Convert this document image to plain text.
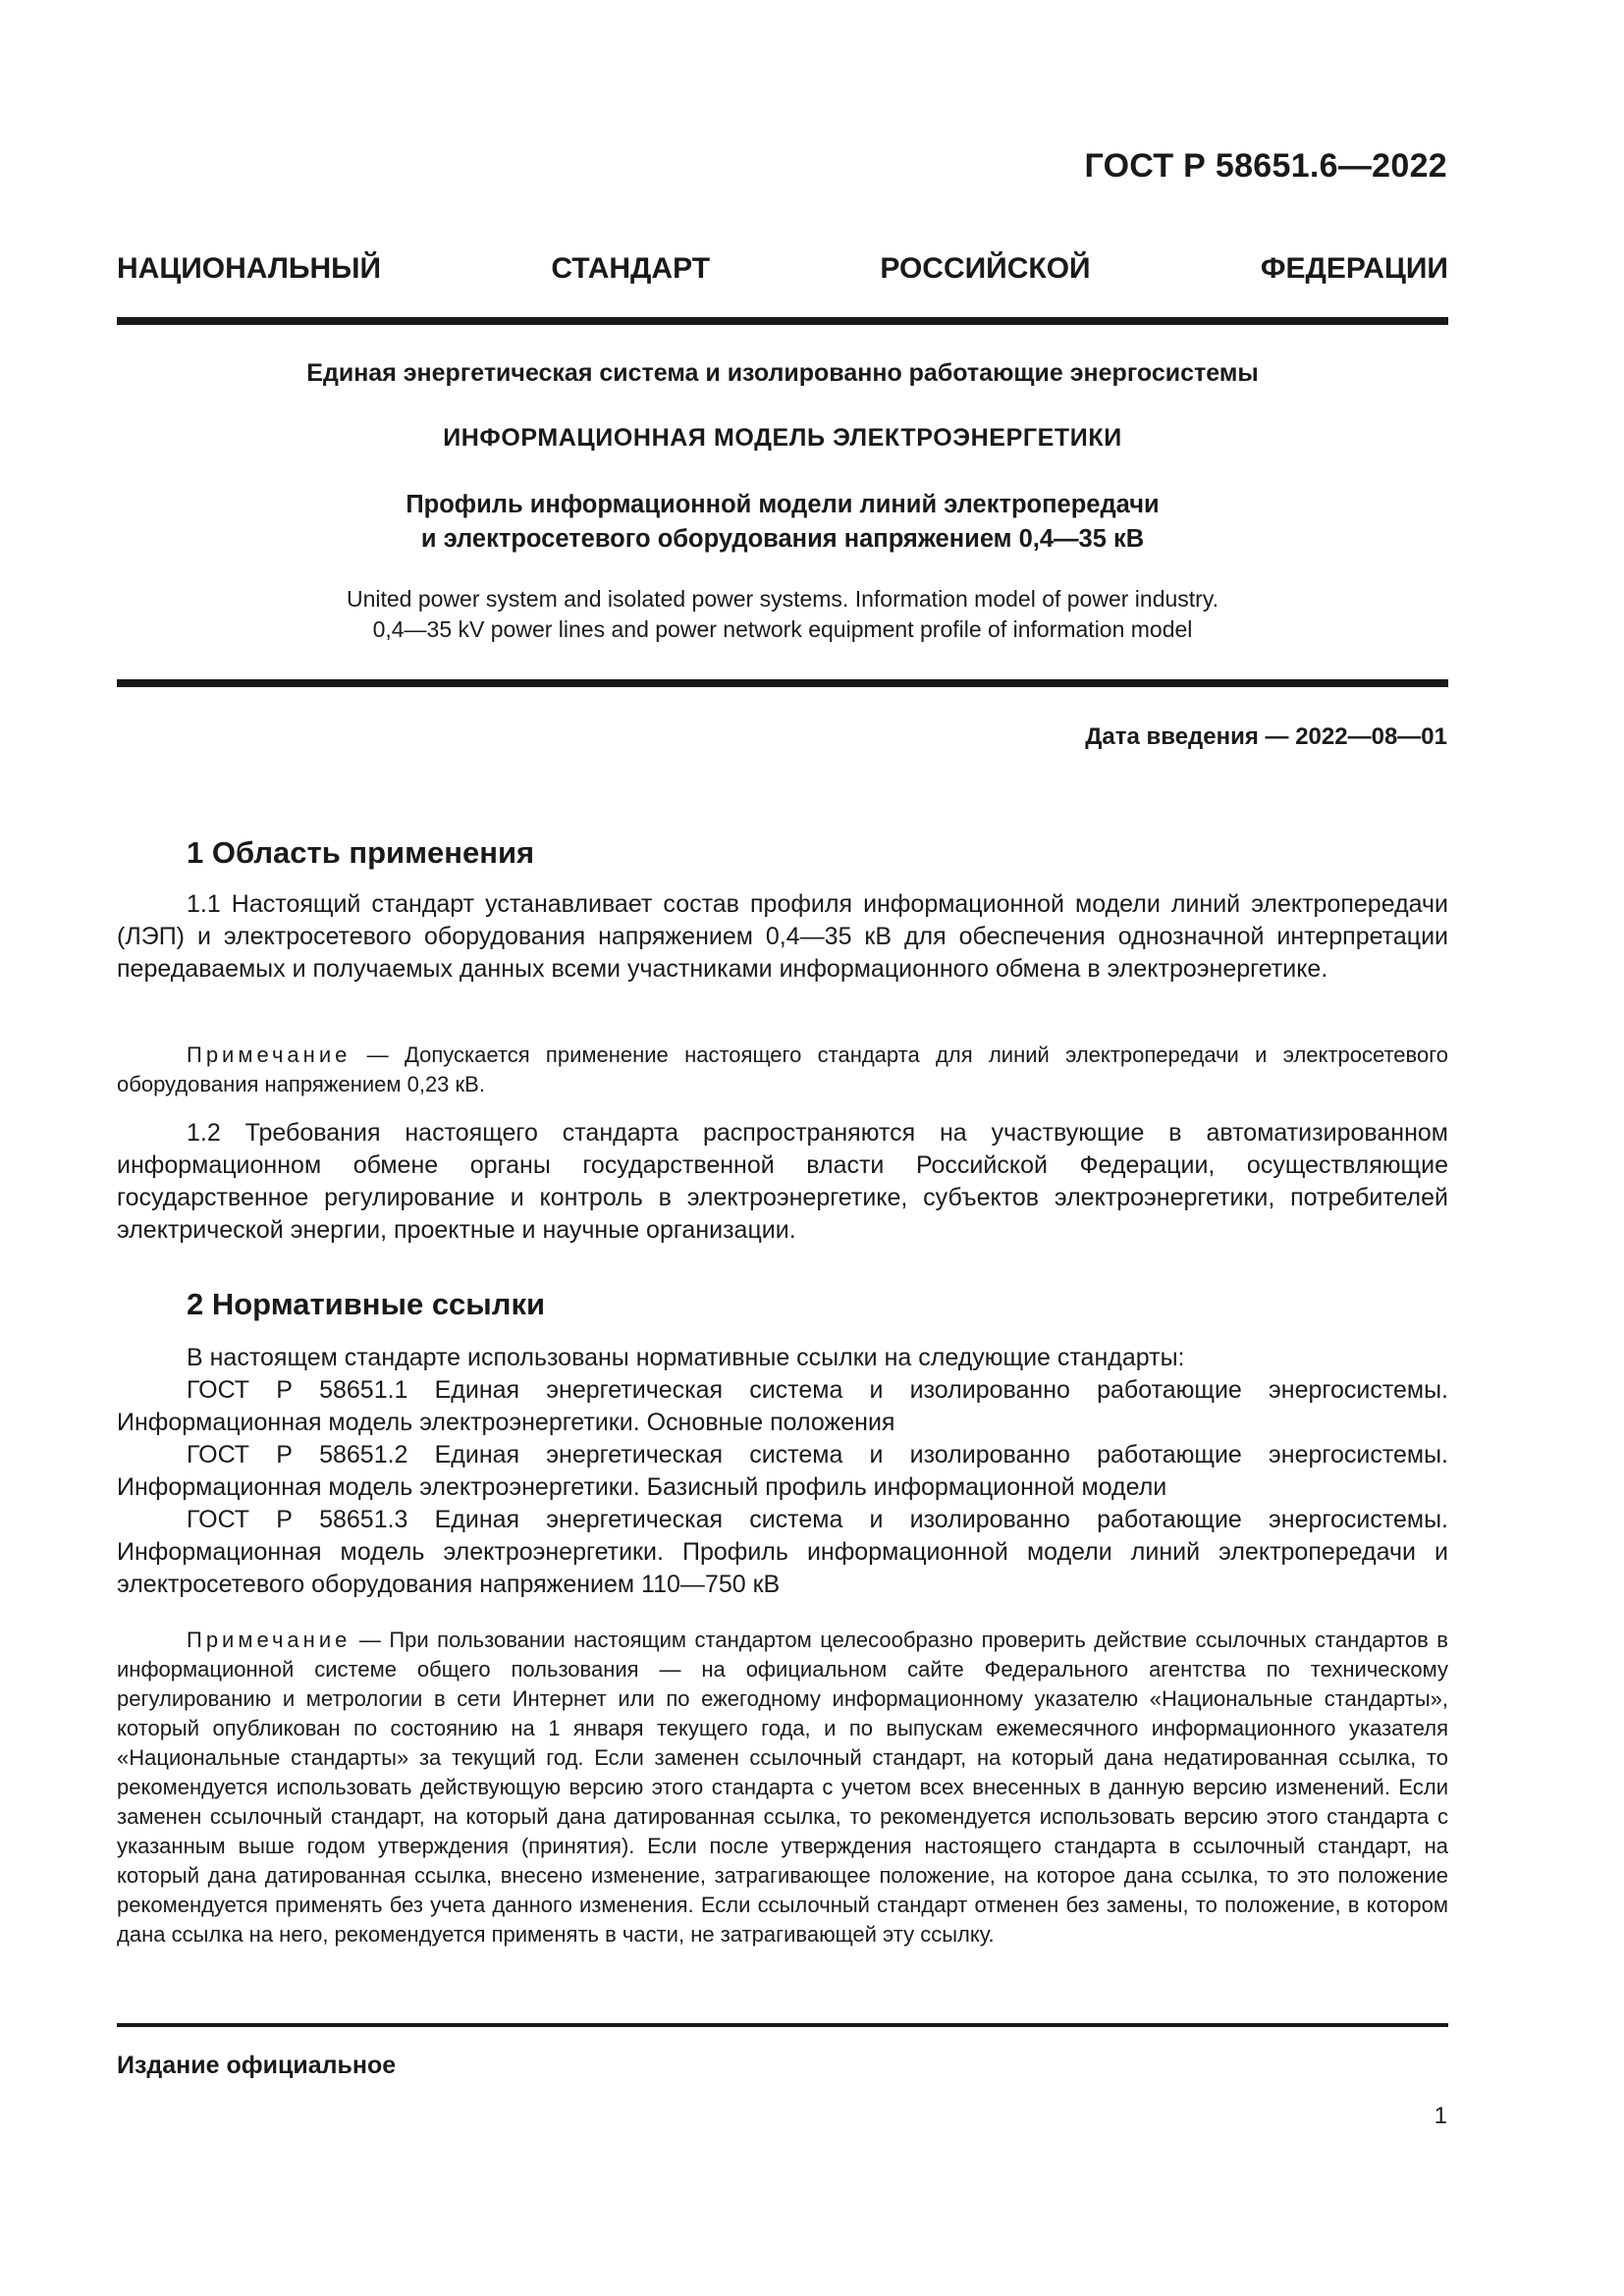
ГОСТ Р 58651.6—2022
НАЦИОНАЛЬНЫЙ СТАНДАРТ РОССИЙСКОЙ ФЕДЕРАЦИИ
Единая энергетическая система и изолированно работающие энергосистемы
ИНФОРМАЦИОННАЯ МОДЕЛЬ ЭЛЕКТРОЭНЕРГЕТИКИ
Профиль информационной модели линий электропередачи
и электросетевого оборудования напряжением 0,4—35 кВ
United power system and isolated power systems. Information model of power industry.
0,4—35 kV power lines and power network equipment profile of information model
Дата введения — 2022—08—01
1 Область применения

1.1 Настоящий стандарт устанавливает состав профиля информационной модели линий электропередачи (ЛЭП) и электросетевого оборудования напряжением 0,4—35 кВ для обеспечения однозначной интерпретации передаваемых и получаемых данных всеми участниками информационного обмена в электроэнергетике.

Примечание — Допускается применение настоящего стандарта для линий электропередачи и электросетевого оборудования напряжением 0,23 кВ.

1.2 Требования настоящего стандарта распространяются на участвующие в автоматизированном информационном обмене органы государственной власти Российской Федерации, осуществляющие государственное регулирование и контроль в электроэнергетике, субъектов электроэнергетики, потребителей электрической энергии, проектные и научные организации.

2 Нормативные ссылки

В настоящем стандарте использованы нормативные ссылки на следующие стандарты:

ГОСТ Р 58651.1 Единая энергетическая система и изолированно работающие энергосистемы. Информационная модель электроэнергетики. Основные положения

ГОСТ Р 58651.2 Единая энергетическая система и изолированно работающие энергосистемы. Информационная модель электроэнергетики. Базисный профиль информационной модели

ГОСТ Р 58651.3 Единая энергетическая система и изолированно работающие энергосистемы. Информационная модель электроэнергетики. Профиль информационной модели линий электропередачи и электросетевого оборудования напряжением 110—750 кВ

Примечание — При пользовании настоящим стандартом целесообразно проверить действие ссылочных стандартов в информационной системе общего пользования — на официальном сайте Федерального агентства по техническому регулированию и метрологии в сети Интернет или по ежегодному информационному указателю «Национальные стандарты», который опубликован по состоянию на 1 января текущего года, и по выпускам ежемесячного информационного указателя «Национальные стандарты» за текущий год. Если заменен ссылочный стандарт, на который дана недатированная ссылка, то рекомендуется использовать действующую версию этого стандарта с учетом всех внесенных в данную версию изменений. Если заменен ссылочный стандарт, на который дана датированная ссылка, то рекомендуется использовать версию этого стандарта с указанным выше годом утверждения (принятия). Если после утверждения настоящего стандарта в ссылочный стандарт, на который дана датированная ссылка, внесено изменение, затрагивающее положение, на которое дана ссылка, то это положение рекомендуется применять без учета данного изменения. Если ссылочный стандарт отменен без замены, то положение, в котором дана ссылка на него, рекомендуется применять в части, не затрагивающей эту ссылку.

Издание официальное
1
